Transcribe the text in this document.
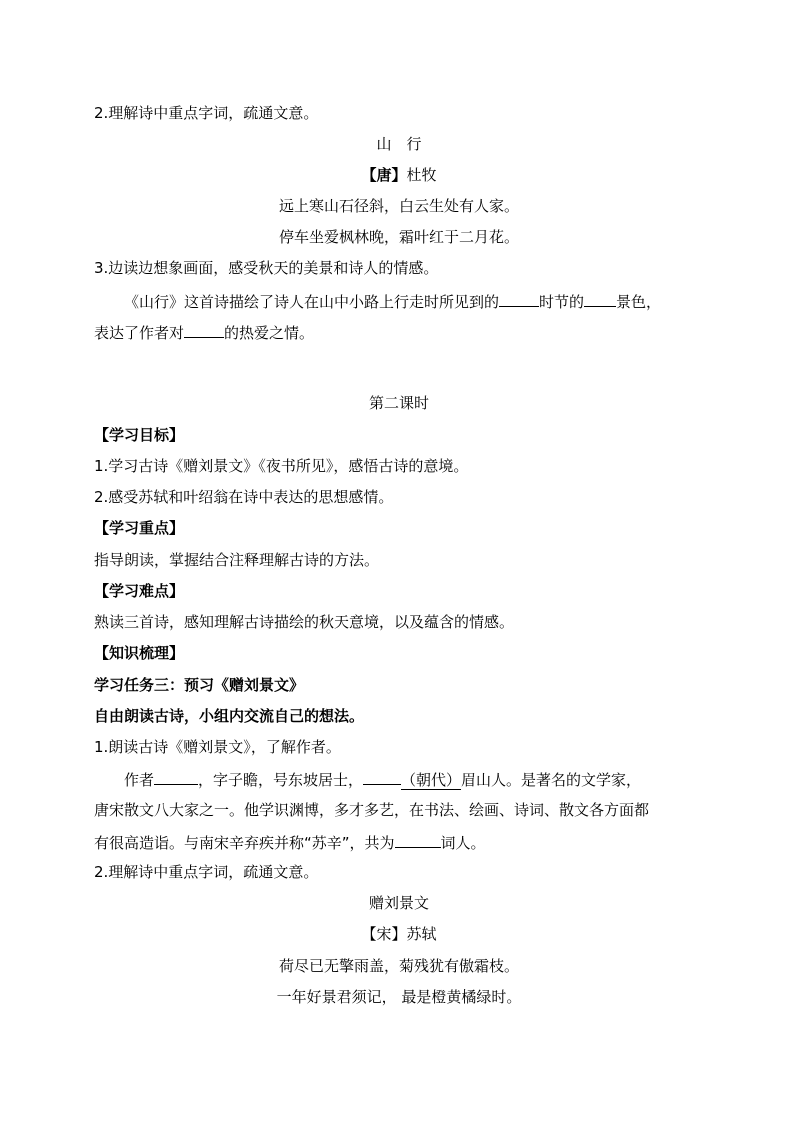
2.理解诗中重点字词，疏通文意。
山　行
【唐】杜牧
远上寒山石径斜，白云生处有人家。
停车坐爱枫林晚，霜叶红于二月花。
3.边读边想象画面，感受秋天的美景和诗人的情感。
《山行》这首诗描绘了诗人在山中小路上行走时所见到的	时节的 景色，
表达了作者对	的热爱之情。
第二课时
【学习目标】
1.学习古诗《赠刘景文》《夜书所见》，感悟古诗的意境。
2.感受苏轼和叶绍翁在诗中表达的思想感情。
【学习重点】
指导朗读，掌握结合注释理解古诗的方法。
【学习难点】
熟读三首诗，感知理解古诗描绘的秋天意境，以及蕴含的情感。
【知识梳理】
学习任务三：预习《赠刘景文》
自由朗读古诗，小组内交流自己的想法。
1.朗读古诗《赠刘景文》，了解作者。
作者	，字子瞻，号东坡居士，	（朝代）眉山人。是著名的文学家，
唐宋散文八大家之一。他学识渊博，多才多艺，在书法、绘画、诗词、散文各方面都
有很高造诣。与南宋辛弃疾并称“苏辛”，共为	词人。
2.理解诗中重点字词，疏通文意。
赠刘景文
【宋】苏轼
荷尽已无擎雨盖，菊残犹有傲霜枝。
一年好景君须记， 最是橙黄橘绿时。
